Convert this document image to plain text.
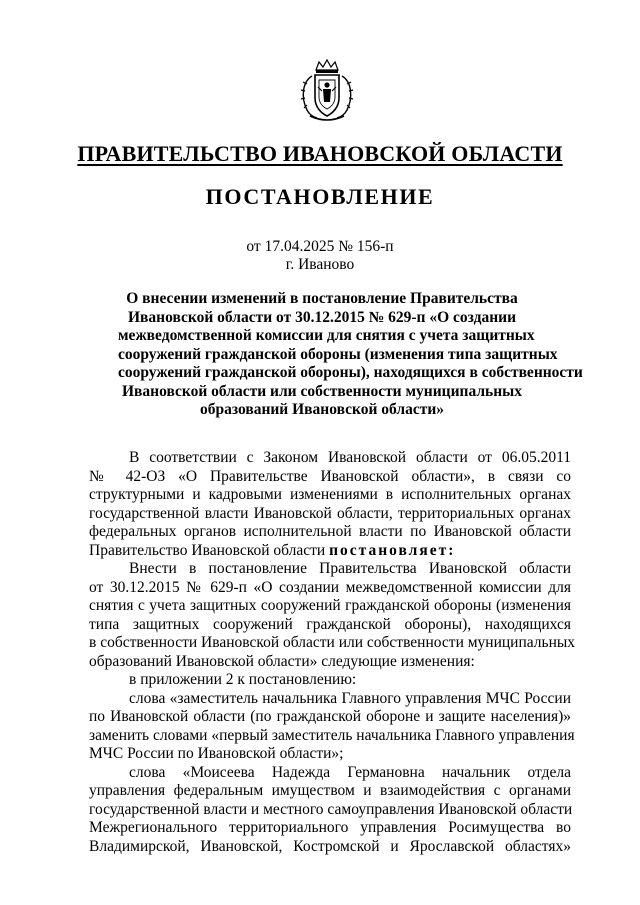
ПРАВИТЕЛЬСТВО ИВАНОВСКОЙ ОБЛАСТИ
ПОСТАНОВЛЕНИЕ
от 17.04.2025 № 156-п
г. Иваново
О внесении изменений в постановление Правительства
Ивановской области от 30.12.2015 № 629-п «О создании
межведомственной комиссии для снятия с учета защитных
сооружений гражданской обороны (изменения типа защитных
сооружений гражданской обороны), находящихся в собственности
Ивановской области или собственности муниципальных
образований Ивановской области»
В соответствии с Законом Ивановской области от 06.05.2011
№ 42-ОЗ «О Правительстве Ивановской области», в связи со
структурными и кадровыми изменениями в исполнительных органах
государственной власти Ивановской области, территориальных органах
федеральных органов исполнительной власти по Ивановской области
Правительство Ивановской области постановляет:
Внести в постановление Правительства Ивановской области
от 30.12.2015 № 629-п «О создании межведомственной комиссии для
снятия с учета защитных сооружений гражданской обороны (изменения
типа защитных сооружений гражданской обороны), находящихся
в собственности Ивановской области или собственности муниципальных
образований Ивановской области» следующие изменения:
в приложении 2 к постановлению:
слова «заместитель начальника Главного управления МЧС России
по Ивановской области (по гражданской обороне и защите населения)»
заменить словами «первый заместитель начальника Главного управления
МЧС России по Ивановской области»;
слова «Моисеева Надежда Германовна начальник отдела
управления федеральным имуществом и взаимодействия с органами
государственной власти и местного самоуправления Ивановской области
Межрегионального территориального управления Росимущества во
Владимирской, Ивановской, Костромской и Ярославской областях»
